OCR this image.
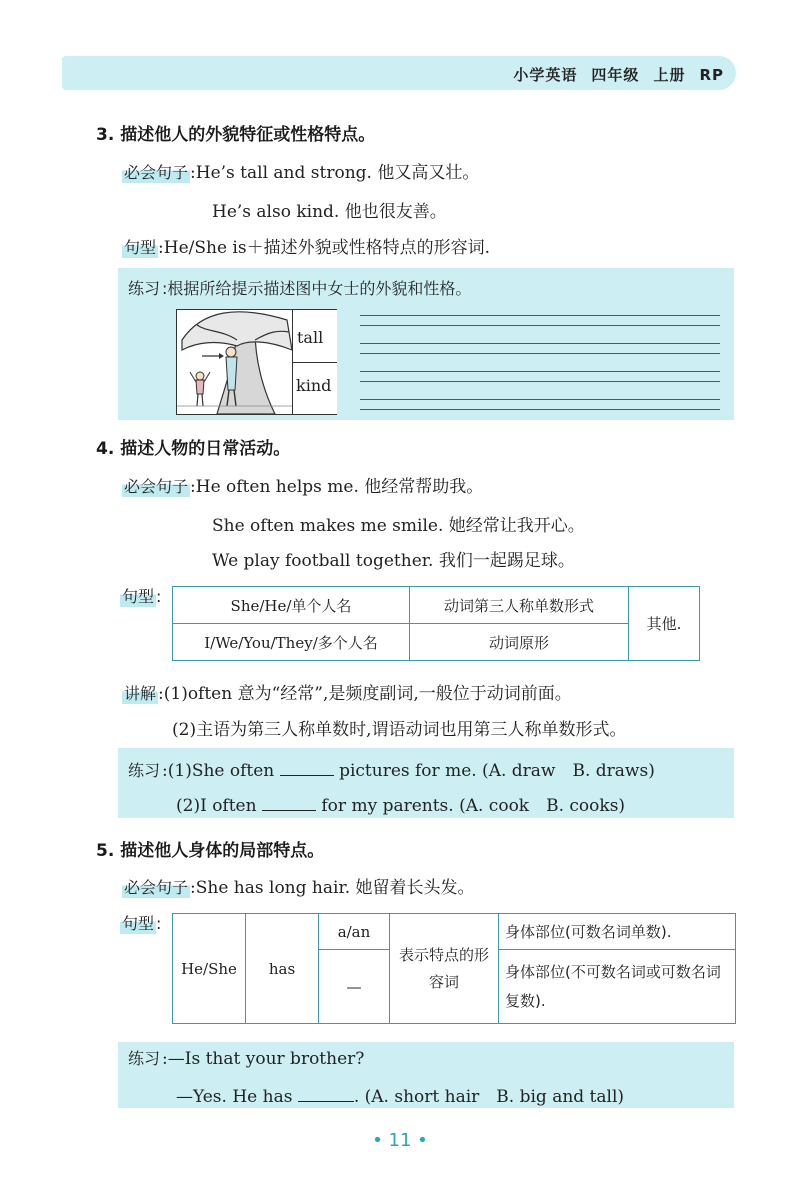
小学英语 四年级 上册 RP
3. 描述他人的外貌特征或性格特点。
必会句子 :He’s tall and strong. 他又高又壮。
He’s also kind. 他也很友善。
句型 :He/She is＋描述外貌或性格特点的形容词.
练习 :根据所给提示描述图中女士的外貌和性格。
tall
kind
4. 描述人物的日常活动。
必会句子 :He often helps me. 他经常帮助我。
She often makes me smile. 她经常让我开心。
We play football together. 我们一起踢足球。
句型 :	She/He/单个人名	动词第三人称单数形式	其他.
I/We/You/They/多个人名	动词原形	
讲解 :(1)often 意为“经常”,是频度副词,一般位于动词前面。
(2)主语为第三人称单数时,谓语动词也用第三人称单数形式。
练习 :(1)She often	pictures for me. (A. draw　B. draws)
(2)I often	for my parents. (A. cook　B. cooks)
5. 描述他人身体的局部特点。
必会句子 :She has long hair. 她留着长头发。
句型 :
He/She	has	a/an	表示特点的形容词	身体部位(可数名词单数).
		—		身体部位(不可数名词或可数名词复数).
练习 :—Is that your brother?
—Yes. He has	. (A. short hair　B. big and tall)
• 11 •
